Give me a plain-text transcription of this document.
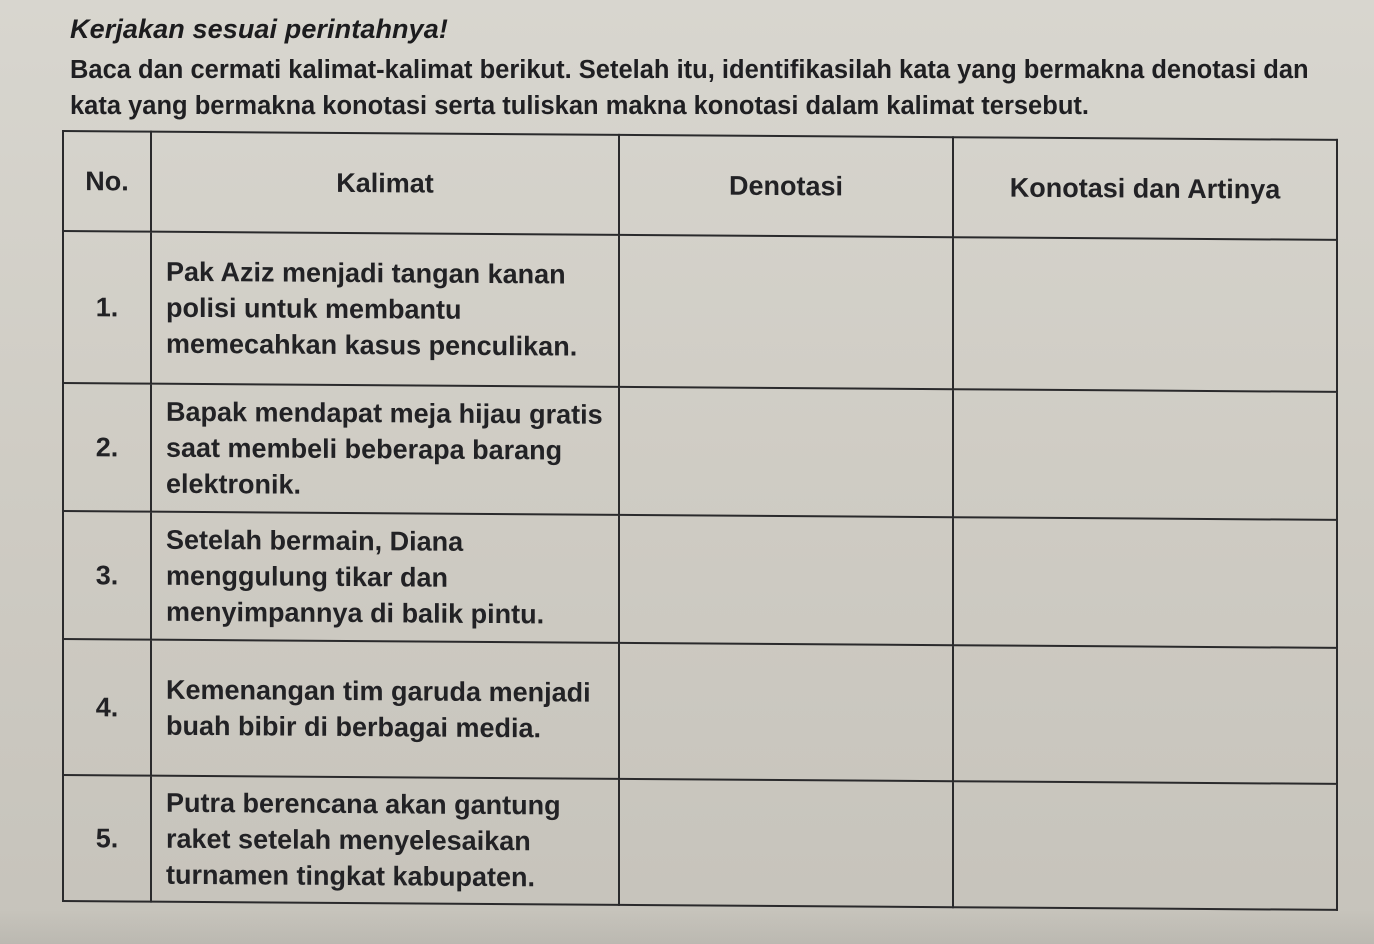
Kerjakan sesuai perintahnya!

Baca dan cermati kalimat-kalimat berikut. Setelah itu, identifikasilah kata yang bermakna denotasi dan kata yang bermakna konotasi serta tuliskan makna konotasi dalam kalimat tersebut.

No.	Kalimat	Denotasi	Konotasi dan Artinya
1.	Pak Aziz menjadi tangan kanan polisi untuk membantu memecahkan kasus penculikan.		
2.	Bapak mendapat meja hijau gratis saat membeli beberapa barang elektronik.		
3.	Setelah bermain, Diana menggulung tikar dan menyimpannya di balik pintu.		
4.	Kemenangan tim garuda menjadi buah bibir di berbagai media.		
5.	Putra berencana akan gantung raket setelah menyelesaikan turnamen tingkat kabupaten.		
